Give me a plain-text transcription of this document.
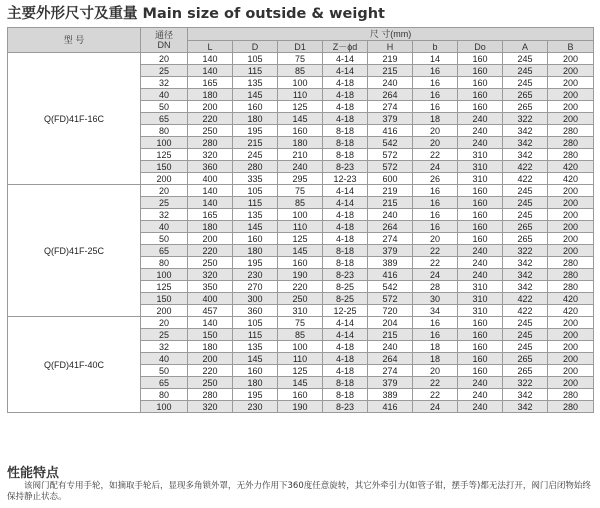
主要外形尺寸及重量 Main size of outside & weight
型 号	通径
DN	尺 寸(mm)								
		L	D	D1	Z－ϕd	H	b	Do	A	B
Q(FD)41F-16C	20	140	105	75	4-14	219	14	160	245	200
	25	140	115	85	4-14	215	16	160	245	200
	32	165	135	100	4-18	240	16	160	245	200
	40	180	145	110	4-18	264	16	160	265	200
	50	200	160	125	4-18	274	16	160	265	200
	65	220	180	145	4-18	379	18	240	322	200
	80	250	195	160	8-18	416	20	240	342	280
	100	280	215	180	8-18	542	20	240	342	280
	125	320	245	210	8-18	572	22	310	342	280
	150	360	280	240	8-23	572	24	310	422	420
	200	400	335	295	12-23	600	26	310	422	420
Q(FD)41F-25C	20	140	105	75	4-14	219	16	160	245	200
	25	140	115	85	4-14	215	16	160	245	200
	32	165	135	100	4-18	240	16	160	245	200
	40	180	145	110	4-18	264	16	160	265	200
	50	200	160	125	4-18	274	20	160	265	200
	65	220	180	145	8-18	379	22	240	322	200
	80	250	195	160	8-18	389	22	240	342	280
	100	320	230	190	8-23	416	24	240	342	280
	125	350	270	220	8-25	542	28	310	342	280
	150	400	300	250	8-25	572	30	310	422	420
	200	457	360	310	12-25	720	34	310	422	420
Q(FD)41F-40C	20	140	105	75	4-14	204	16	160	245	200
	25	150	115	85	4-14	215	16	160	245	200
	32	180	135	100	4-18	240	18	160	245	200
	40	200	145	110	4-18	264	18	160	265	200
	50	220	160	125	4-18	274	20	160	265	200
	65	250	180	145	8-18	379	22	240	322	200
	80	280	195	160	8-18	389	22	240	342	280
	100	320	230	190	8-23	416	24	240	342	280
性能特点

该阀门配有专用手轮，如摘取手轮后，显现多角锁外罩，无外力作用下360度任意旋转，其它外牵引力(如管子钳，摆手等)都无法打开，阀门启闭物始终保持静止状态。
